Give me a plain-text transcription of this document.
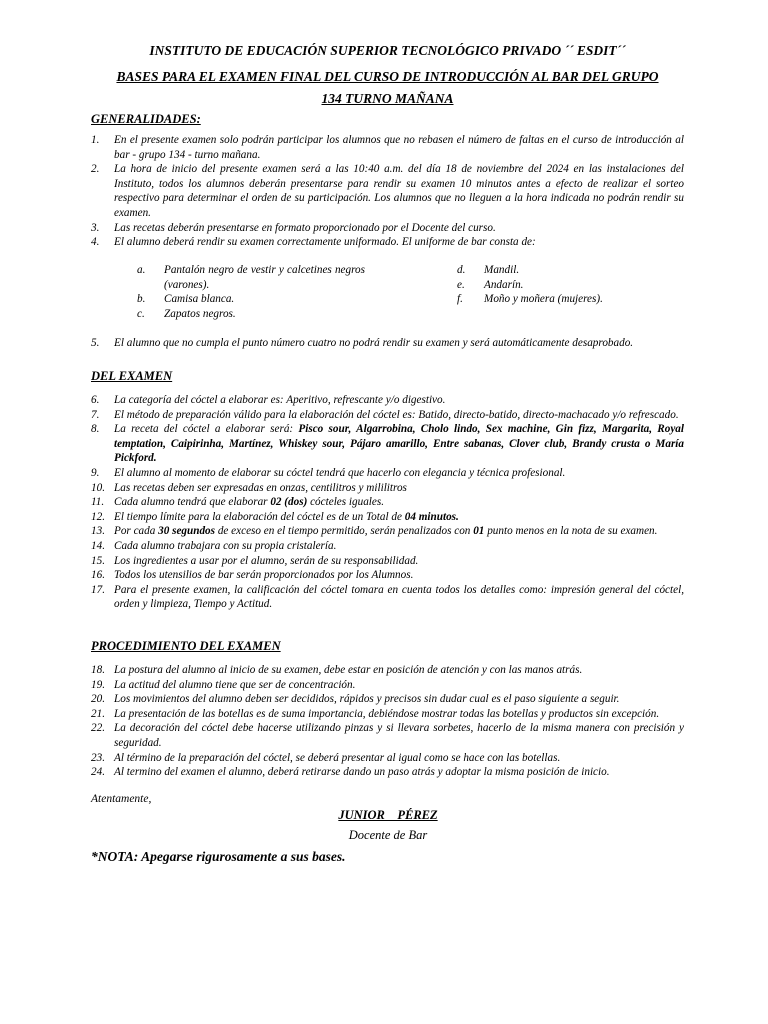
INSTITUTO DE EDUCACIÓN SUPERIOR TECNOLÓGICO PRIVADO ´´ ESDIT´´
BASES PARA EL EXAMEN FINAL DEL CURSO DE INTRODUCCIÓN AL BAR DEL GRUPO
134 TURNO MAÑANA
GENERALIDADES:
1. En el presente examen solo podrán participar los alumnos que no rebasen el número de faltas en el curso de introducción al bar - grupo 134 - turno mañana.
2. La hora de inicio del presente examen será a las 10:40 a.m. del día 18 de noviembre del 2024 en las instalaciones del Instituto, todos los alumnos deberán presentarse para rendir su examen 10 minutos antes a efecto de realizar el sorteo respectivo para determinar el orden de su participación. Los alumnos que no lleguen a la hora indicada no podrán rendir su examen.
3. Las recetas deberán presentarse en formato proporcionado por el Docente del curso.
4. El alumno deberá rendir su examen correctamente uniformado. El uniforme de bar consta de:
a. Pantalón negro de vestir y calcetines negros (varones).
b. Camisa blanca.
c. Zapatos negros.
d. Mandil.
e. Andarín.
f. Moño y moñera (mujeres).
5. El alumno que no cumpla el punto número cuatro no podrá rendir su examen y será automáticamente desaprobado.
DEL EXAMEN
6. La categoría del cóctel a elaborar es: Aperitivo, refrescante y/o digestivo.
7. El método de preparación válido para la elaboración del cóctel es: Batido, directo-batido, directo-machacado y/o refrescado.
8. La receta del cóctel a elaborar será: Pisco sour, Algarrobina, Cholo lindo, Sex machine, Gin fizz, Margarita, Royal temptation, Caipirinha, Martínez, Whiskey sour, Pájaro amarillo, Entre sabanas, Clover club, Brandy crusta o María Pickford.
9. El alumno al momento de elaborar su cóctel tendrá que hacerlo con elegancia y técnica profesional.
10. Las recetas deben ser expresadas en onzas, centilitros y mililitros
11. Cada alumno tendrá que elaborar 02 (dos) cócteles iguales.
12. El tiempo límite para la elaboración del cóctel es de un Total de 04 minutos.
13. Por cada 30 segundos de exceso en el tiempo permitido, serán penalizados con 01 punto menos en la nota de su examen.
14. Cada alumno trabajara con su propia cristalería.
15. Los ingredientes a usar por el alumno, serán de su responsabilidad.
16. Todos los utensilios de bar serán proporcionados por los Alumnos.
17. Para el presente examen, la calificación del cóctel tomara en cuenta todos los detalles como: impresión general del cóctel, orden y limpieza, Tiempo y Actitud.
PROCEDIMIENTO DEL EXAMEN
18. La postura del alumno al inicio de su examen, debe estar en posición de atención y con las manos atrás.
19. La actitud del alumno tiene que ser de concentración.
20. Los movimientos del alumno deben ser decididos, rápidos y precisos sin dudar cual es el paso siguiente a seguir.
21. La presentación de las botellas es de suma importancia, debiéndose mostrar todas las botellas y productos sin excepción.
22. La decoración del cóctel debe hacerse utilizando pinzas y si llevara sorbetes, hacerlo de la misma manera con precisión y seguridad.
23. Al término de la preparación del cóctel, se deberá presentar al igual como se hace con las botellas.
24. Al termino del examen el alumno, deberá retirarse dando un paso atrás y adoptar la misma posición de inicio.
Atentamente,
JUNIOR    PÉREZ
Docente de Bar
*NOTA: Apegarse rigurosamente a sus bases.
